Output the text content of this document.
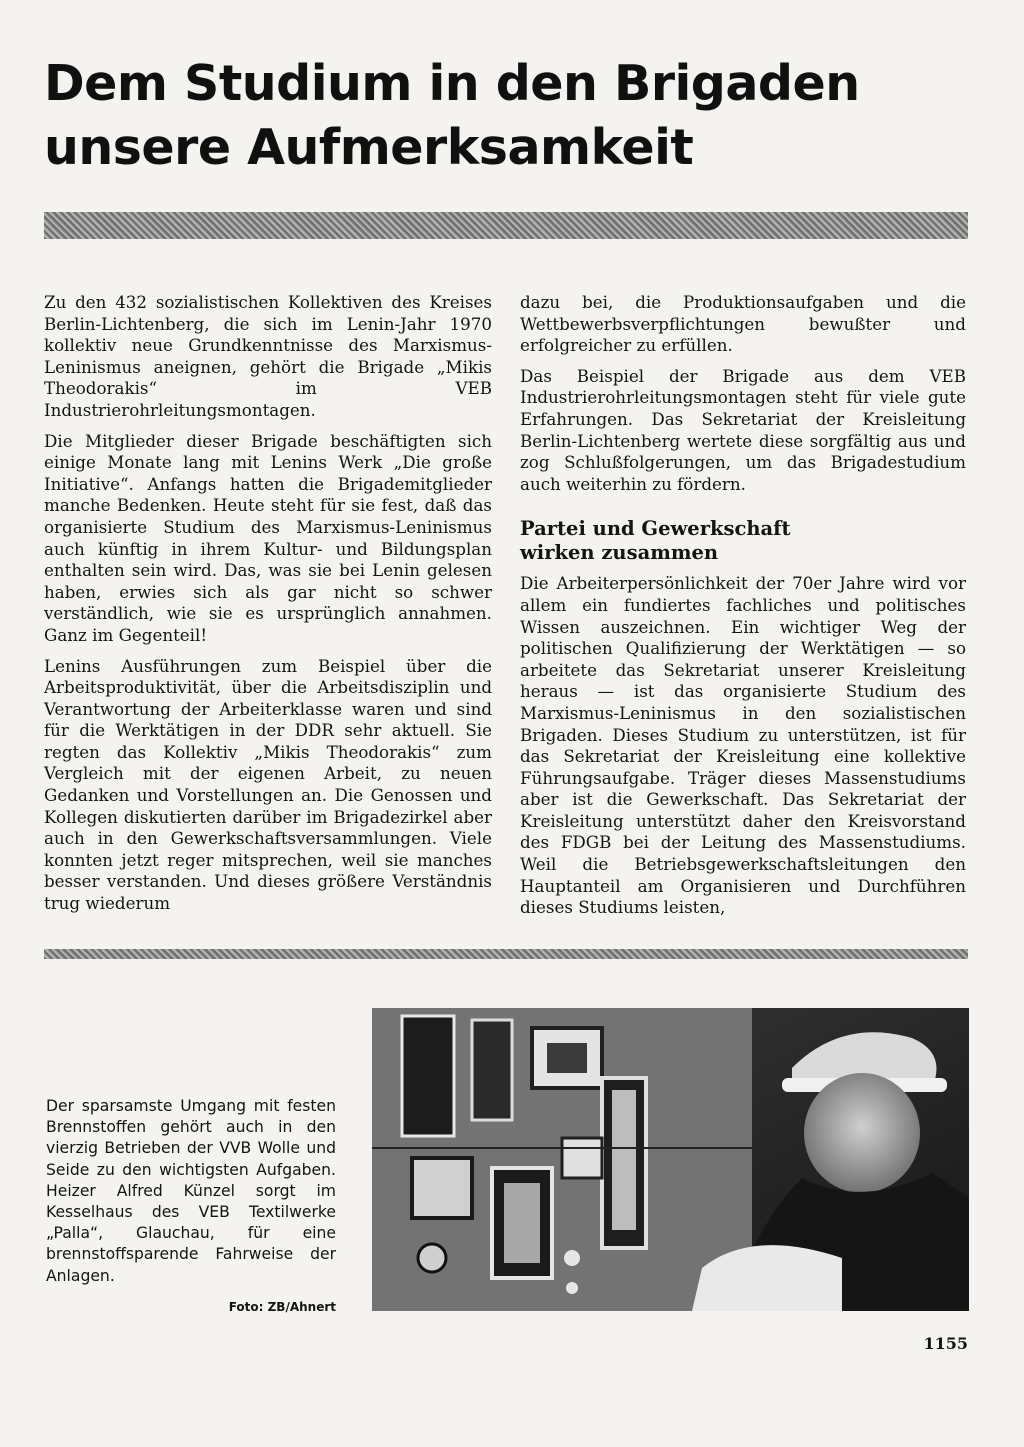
Dem Studium in den Brigaden
unsere Aufmerksamkeit

Zu den 432 sozialistischen Kollektiven des Kreises Berlin-Lichtenberg, die sich im Lenin-Jahr 1970 kollektiv neue Grundkenntnisse des Marxismus-Leninismus aneignen, gehört die Brigade „Mikis Theodorakis“ im VEB Industrierohrleitungsmontagen.

Die Mitglieder dieser Brigade beschäftigten sich einige Monate lang mit Lenins Werk „Die große Initiative“. Anfangs hatten die Brigademitglieder manche Bedenken. Heute steht für sie fest, daß das organisierte Studium des Marxismus-Leninismus auch künftig in ihrem Kultur- und Bildungsplan enthalten sein wird. Das, was sie bei Lenin gelesen haben, erwies sich als gar nicht so schwer verständlich, wie sie es ursprünglich annahmen. Ganz im Gegenteil!

Lenins Ausführungen zum Beispiel über die Arbeitsproduktivität, über die Arbeitsdisziplin und Verantwortung der Arbeiterklasse waren und sind für die Werktätigen in der DDR sehr aktuell. Sie regten das Kollektiv „Mikis Theodorakis“ zum Vergleich mit der eigenen Arbeit, zu neuen Gedanken und Vorstellungen an. Die Genossen und Kollegen diskutierten darüber im Brigadezirkel aber auch in den Gewerkschaftsversammlungen. Viele konnten jetzt reger mitsprechen, weil sie manches besser verstanden. Und dieses größere Verständnis trug wiederum

dazu bei, die Produktionsaufgaben und die Wettbewerbsverpflichtungen bewußter und erfolgreicher zu erfüllen.

Das Beispiel der Brigade aus dem VEB Industrierohrleitungsmontagen steht für viele gute Erfahrungen. Das Sekretariat der Kreisleitung Berlin-Lichtenberg wertete diese sorgfältig aus und zog Schlußfolgerungen, um das Brigadestudium auch weiterhin zu fördern.

Partei und Gewerkschaft
wirken zusammen

Die Arbeiterpersönlichkeit der 70er Jahre wird vor allem ein fundiertes fachliches und politisches Wissen auszeichnen. Ein wichtiger Weg der politischen Qualifizierung der Werktätigen — so arbeitete das Sekretariat unserer Kreisleitung heraus — ist das organisierte Studium des Marxismus-Leninismus in den sozialistischen Brigaden. Dieses Studium zu unterstützen, ist für das Sekretariat der Kreisleitung eine kollektive Führungsaufgabe. Träger dieses Massenstudiums aber ist die Gewerkschaft. Das Sekretariat der Kreisleitung unterstützt daher den Kreisvorstand des FDGB bei der Leitung des Massenstudiums. Weil die Betriebsgewerkschaftsleitungen den Hauptanteil am Organisieren und Durchführen dieses Studiums leisten,

Der sparsamste Umgang mit festen Brennstoffen gehört auch in den vierzig Betrieben der VVB Wolle und Seide zu den wichtigsten Aufgaben. Heizer Alfred Künzel sorgt im Kesselhaus des VEB Textilwerke „Palla“, Glauchau, für eine brennstoffsparende Fahrweise der Anlagen.
Foto: ZB/Ahnert
1155
